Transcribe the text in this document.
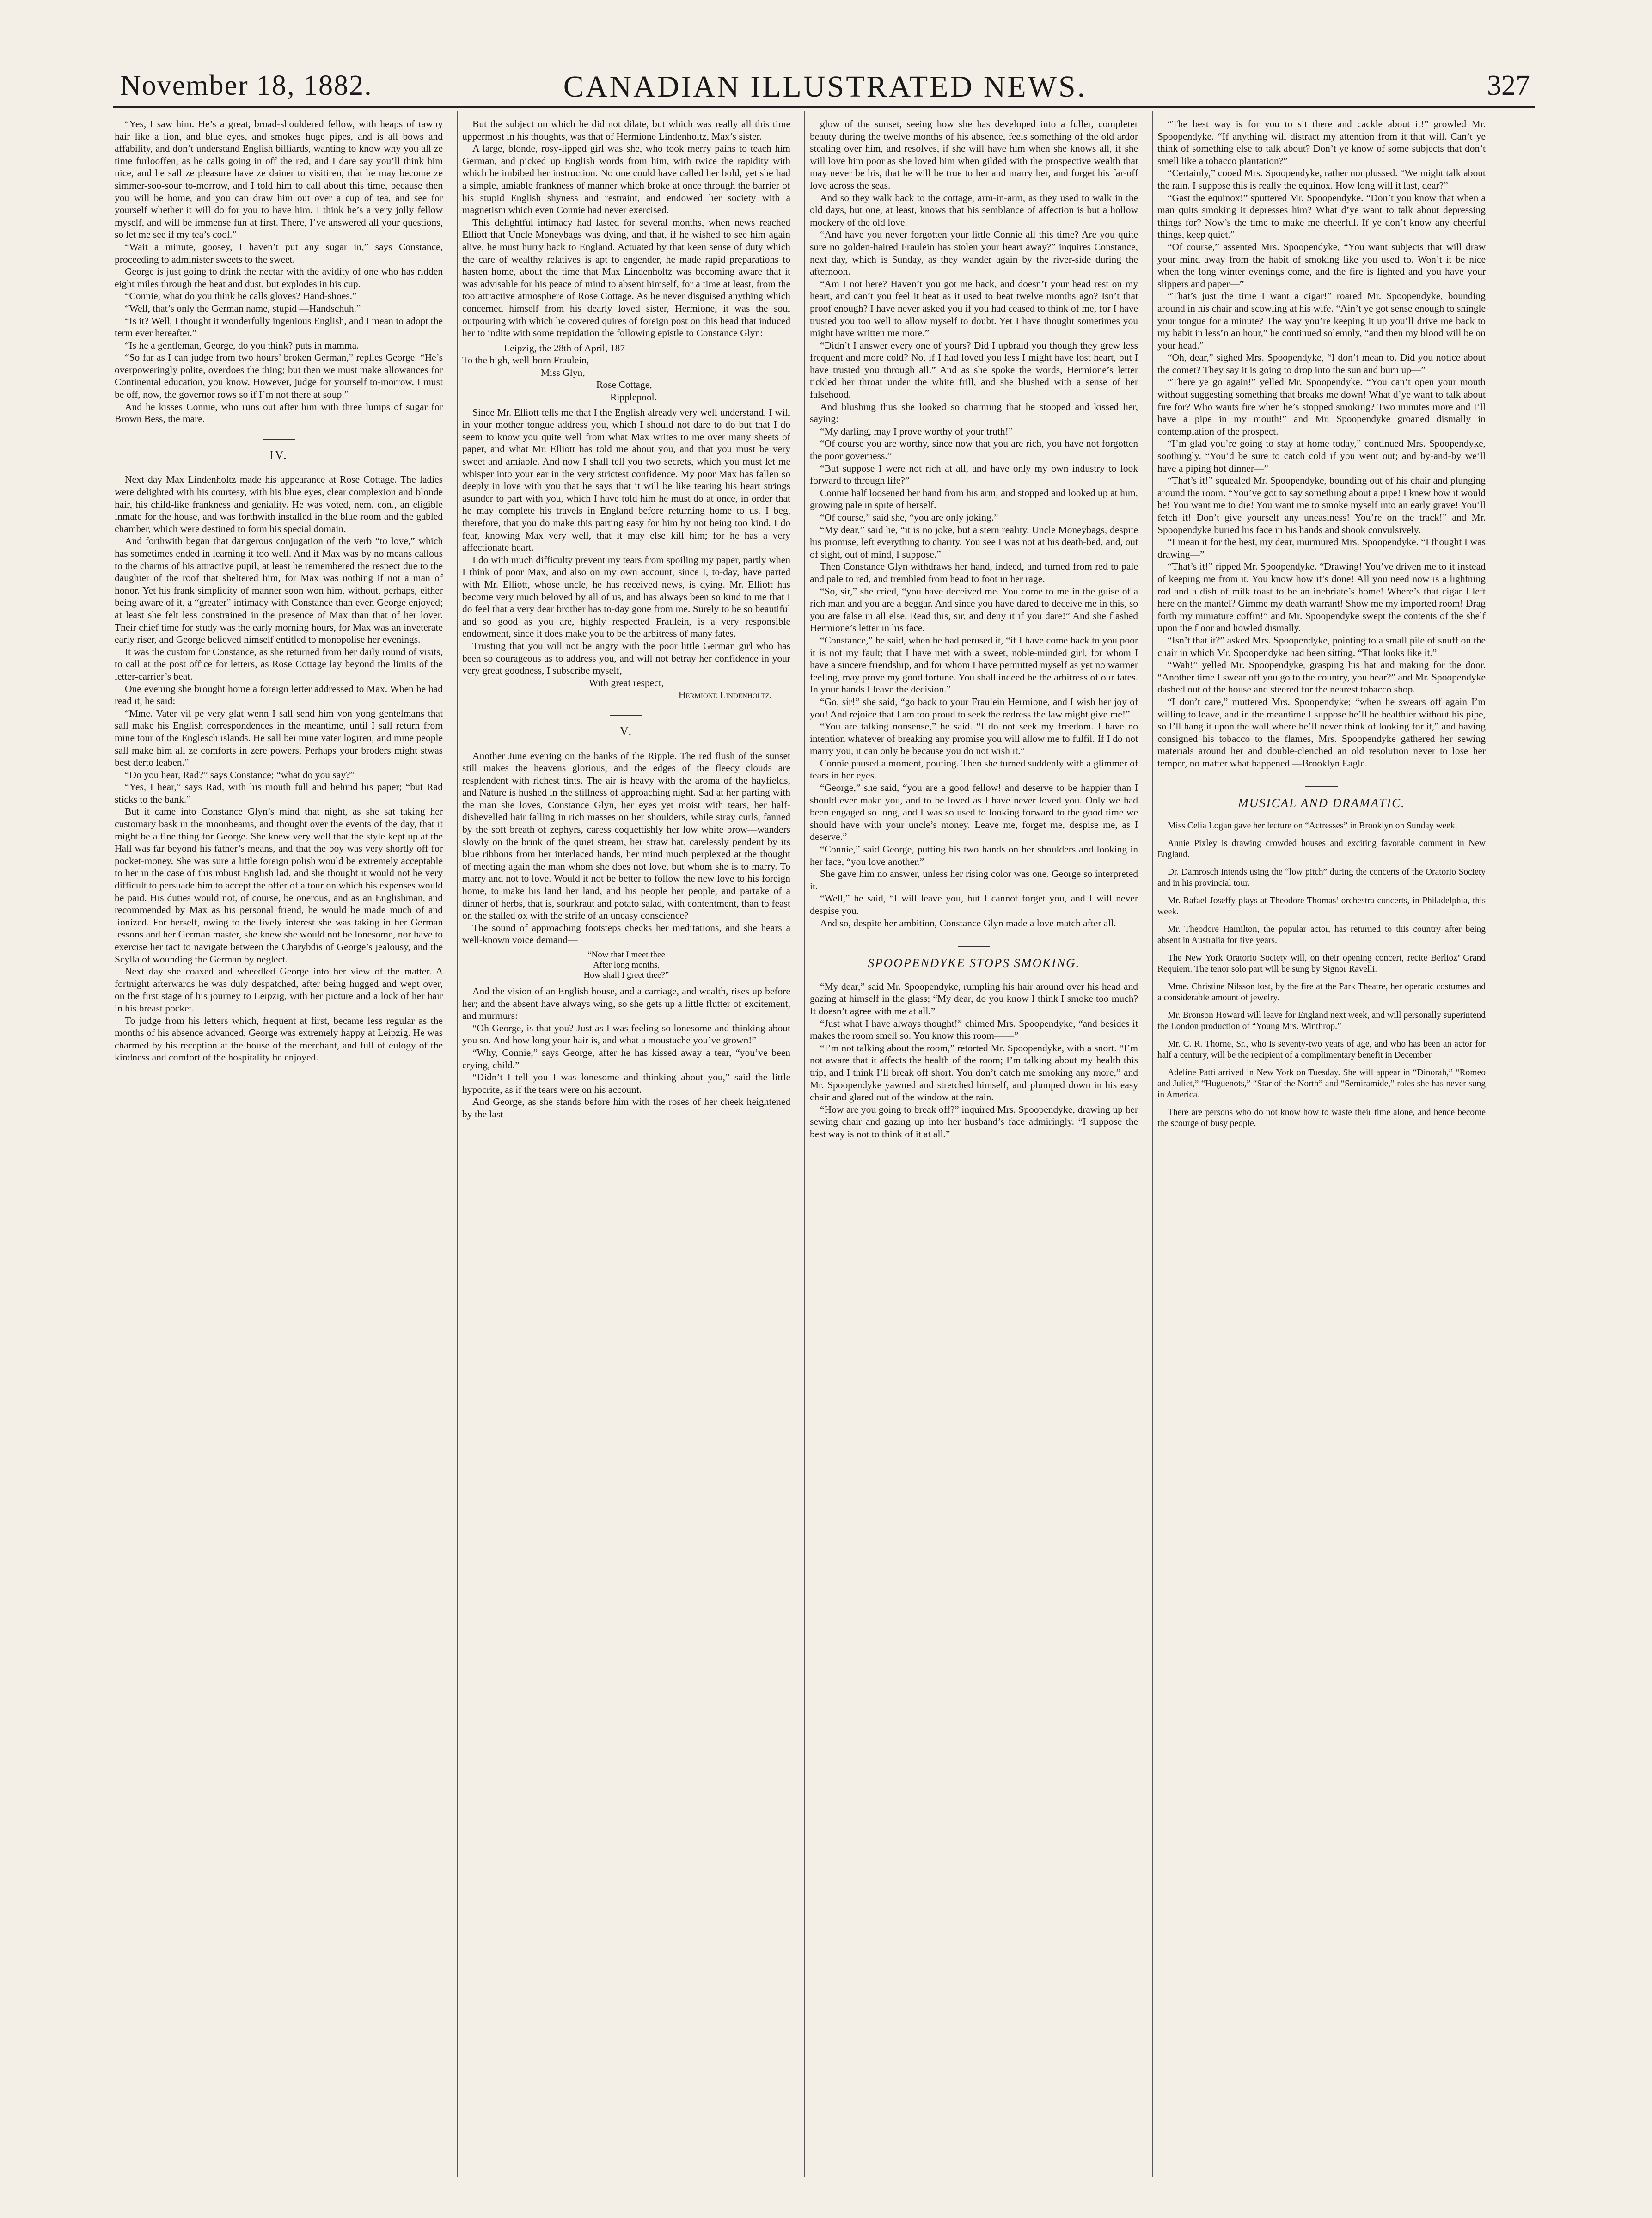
November 18, 1882.	CANADIAN ILLUSTRATED NEWS.	327

“Yes, I saw him. He’s a great, broad-shouldered fellow, with heaps of tawny hair like a lion, and blue eyes, and smokes huge pipes, and is all bows and affability, and don’t understand English billiards, wanting to know why you all ze time furlooffen, as he calls going in off the red, and I dare say you’ll think him nice, and he sall ze pleasure have ze dainer to visitiren, that he may become ze simmer-soo-sour to-morrow, and I told him to call about this time, because then you will be home, and you can draw him out over a cup of tea, and see for yourself whether it will do for you to have him. I think he’s a very jolly fellow myself, and will be immense fun at first. There, I’ve answered all your questions, so let me see if my tea’s cool.”

“Wait a minute, goosey, I haven’t put any sugar in,” says Constance, proceeding to administer sweets to the sweet.

George is just going to drink the nectar with the avidity of one who has ridden eight miles through the heat and dust, but explodes in his cup.

“Connie, what do you think he calls gloves? Hand-shoes.”

“Well, that’s only the German name, stupid —Handschuh.”

“Is it? Well, I thought it wonderfully ingenious English, and I mean to adopt the term ever hereafter.”

“Is he a gentleman, George, do you think? puts in mamma.

“So far as I can judge from two hours’ broken German,” replies George. “He’s overpoweringly polite, overdoes the thing; but then we must make allowances for Continental education, you know. However, judge for yourself to-morrow. I must be off, now, the governor rows so if I’m not there at soup.”

And he kisses Connie, who runs out after him with three lumps of sugar for Brown Bess, the mare.

IV.

Next day Max Lindenholtz made his appearance at Rose Cottage. The ladies were delighted with his courtesy, with his blue eyes, clear complexion and blonde hair, his child-like frankness and geniality. He was voted, nem. con., an eligible inmate for the house, and was forthwith installed in the blue room and the gabled chamber, which were destined to form his special domain.

And forthwith began that dangerous conjugation of the verb “to love,” which has sometimes ended in learning it too well. And if Max was by no means callous to the charms of his attractive pupil, at least he remembered the respect due to the daughter of the roof that sheltered him, for Max was nothing if not a man of honor. Yet his frank simplicity of manner soon won him, without, perhaps, either being aware of it, a “greater” intimacy with Constance than even George enjoyed; at least she felt less constrained in the presence of Max than that of her lover. Their chief time for study was the early morning hours, for Max was an inveterate early riser, and George believed himself entitled to monopolise her evenings.

It was the custom for Constance, as she returned from her daily round of visits, to call at the post office for letters, as Rose Cottage lay beyond the limits of the letter-carrier’s beat.

One evening she brought home a foreign letter addressed to Max. When he had read it, he said:

“Mme. Vater vil pe very glat wenn I sall send him von yong gentelmans that sall make his English correspondences in the meantime, until I sall return from mine tour of the Englesch islands. He sall bei mine vater logiren, and mine people sall make him all ze comforts in zere powers, Perhaps your broders might stwas best derto leaben.”

“Do you hear, Rad?” says Constance; “what do you say?”

“Yes, I hear,” says Rad, with his mouth full and behind his paper; “but Rad sticks to the bank.”

But it came into Constance Glyn’s mind that night, as she sat taking her customary bask in the moonbeams, and thought over the events of the day, that it might be a fine thing for George. She knew very well that the style kept up at the Hall was far beyond his father’s means, and that the boy was very shortly off for pocket-money. She was sure a little foreign polish would be extremely acceptable to her in the case of this robust English lad, and she thought it would not be very difficult to persuade him to accept the offer of a tour on which his expenses would be paid. His duties would not, of course, be onerous, and as an Englishman, and recommended by Max as his personal friend, he would be made much of and lionized. For herself, owing to the lively interest she was taking in her German lessons and her German master, she knew she would not be lonesome, nor have to exercise her tact to navigate between the Charybdis of George’s jealousy, and the Scylla of wounding the German by neglect.

Next day she coaxed and wheedled George into her view of the matter. A fortnight afterwards he was duly despatched, after being hugged and wept over, on the first stage of his journey to Leipzig, with her picture and a lock of her hair in his breast pocket.

To judge from his letters which, frequent at first, became less regular as the months of his absence advanced, George was extremely happy at Leipzig. He was charmed by his reception at the house of the merchant, and full of eulogy of the kindness and comfort of the hospitality he enjoyed.

But the subject on which he did not dilate, but which was really all this time uppermost in his thoughts, was that of Hermione Lindenholtz, Max’s sister.

A large, blonde, rosy-lipped girl was she, who took merry pains to teach him German, and picked up English words from him, with twice the rapidity with which he imbibed her instruction. No one could have called her bold, yet she had a simple, amiable frankness of manner which broke at once through the barrier of his stupid English shyness and restraint, and endowed her society with a magnetism which even Connie had never exercised.

This delightful intimacy had lasted for several months, when news reached Elliott that Uncle Moneybags was dying, and that, if he wished to see him again alive, he must hurry back to England. Actuated by that keen sense of duty which the care of wealthy relatives is apt to engender, he made rapid preparations to hasten home, about the time that Max Lindenholtz was becoming aware that it was advisable for his peace of mind to absent himself, for a time at least, from the too attractive atmosphere of Rose Cottage. As he never disguised anything which concerned himself from his dearly loved sister, Hermione, it was the soul outpouring with which he covered quires of foreign post on this head that induced her to indite with some trepidation the following epistle to Constance Glyn:

Leipzig, the 28th of April, 187—

To the high, well-born Fraulein,

Miss Glyn,

Rose Cottage,

Ripplepool.

Since Mr. Elliott tells me that I the English already very well understand, I will in your mother tongue address you, which I should not dare to do but that I do seem to know you quite well from what Max writes to me over many sheets of paper, and what Mr. Elliott has told me about you, and that you must be very sweet and amiable. And now I shall tell you two secrets, which you must let me whisper into your ear in the very strictest confidence. My poor Max has fallen so deeply in love with you that he says that it will be like tearing his heart strings asunder to part with you, which I have told him he must do at once, in order that he may complete his travels in England before returning home to us. I beg, therefore, that you do make this parting easy for him by not being too kind. I do fear, knowing Max very well, that it may else kill him; for he has a very affectionate heart.

I do with much difficulty prevent my tears from spoiling my paper, partly when I think of poor Max, and also on my own account, since I, to-day, have parted with Mr. Elliott, whose uncle, he has received news, is dying. Mr. Elliott has become very much beloved by all of us, and has always been so kind to me that I do feel that a very dear brother has to-day gone from me. Surely to be so beautiful and so good as you are, highly respected Fraulein, is a very responsible endowment, since it does make you to be the arbitress of many fates.

Trusting that you will not be angry with the poor little German girl who has been so courageous as to address you, and will not betray her confidence in your very great goodness, I subscribe myself,

With great respect,

Hermione Lindenholtz.

V.

Another June evening on the banks of the Ripple. The red flush of the sunset still makes the heavens glorious, and the edges of the fleecy clouds are resplendent with richest tints. The air is heavy with the aroma of the hayfields, and Nature is hushed in the stillness of approaching night. Sad at her parting with the man she loves, Constance Glyn, her eyes yet moist with tears, her half-dishevelled hair falling in rich masses on her shoulders, while stray curls, fanned by the soft breath of zephyrs, caress coquettishly her low white brow—wanders slowly on the brink of the quiet stream, her straw hat, carelessly pendent by its blue ribbons from her interlaced hands, her mind much perplexed at the thought of meeting again the man whom she does not love, but whom she is to marry. To marry and not to love. Would it not be better to follow the new love to his foreign home, to make his land her land, and his people her people, and partake of a dinner of herbs, that is, sourkraut and potato salad, with contentment, than to feast on the stalled ox with the strife of an uneasy conscience?

The sound of approaching footsteps checks her meditations, and she hears a well-known voice demand—

“Now that I meet thee

After long months,

How shall I greet thee?”

And the vision of an English house, and a carriage, and wealth, rises up before her; and the absent have always wing, so she gets up a little flutter of excitement, and murmurs:

“Oh George, is that you? Just as I was feeling so lonesome and thinking about you so. And how long your hair is, and what a moustache you’ve grown!”

“Why, Connie,” says George, after he has kissed away a tear, “you’ve been crying, child.”

“Didn’t I tell you I was lonesome and thinking about you,” said the little hypocrite, as if the tears were on his account.

And George, as she stands before him with the roses of her cheek heightened by the last

glow of the sunset, seeing how she has developed into a fuller, completer beauty during the twelve months of his absence, feels something of the old ardor stealing over him, and resolves, if she will have him when she knows all, if she will love him poor as she loved him when gilded with the prospective wealth that may never be his, that he will be true to her and marry her, and forget his far-off love across the seas.

And so they walk back to the cottage, arm-in-arm, as they used to walk in the old days, but one, at least, knows that his semblance of affection is but a hollow mockery of the old love.

“And have you never forgotten your little Connie all this time? Are you quite sure no golden-haired Fraulein has stolen your heart away?” inquires Constance, next day, which is Sunday, as they wander again by the river-side during the afternoon.

“Am I not here? Haven’t you got me back, and doesn’t your head rest on my heart, and can’t you feel it beat as it used to beat twelve months ago? Isn’t that proof enough? I have never asked you if you had ceased to think of me, for I have trusted you too well to allow myself to doubt. Yet I have thought sometimes you might have written me more.”

“Didn’t I answer every one of yours? Did I upbraid you though they grew less frequent and more cold? No, if I had loved you less I might have lost heart, but I have trusted you through all.” And as she spoke the words, Hermione’s letter tickled her throat under the white frill, and she blushed with a sense of her falsehood.

And blushing thus she looked so charming that he stooped and kissed her, saying:

“My darling, may I prove worthy of your truth!”

“Of course you are worthy, since now that you are rich, you have not forgotten the poor governess.”

“But suppose I were not rich at all, and have only my own industry to look forward to through life?”

Connie half loosened her hand from his arm, and stopped and looked up at him, growing pale in spite of herself.

“Of course,” said she, “you are only joking.”

“My dear,” said he, “it is no joke, but a stern reality. Uncle Moneybags, despite his promise, left everything to charity. You see I was not at his death-bed, and, out of sight, out of mind, I suppose.”

Then Constance Glyn withdraws her hand, indeed, and turned from red to pale and pale to red, and trembled from head to foot in her rage.

“So, sir,” she cried, “you have deceived me. You come to me in the guise of a rich man and you are a beggar. And since you have dared to deceive me in this, so you are false in all else. Read this, sir, and deny it if you dare!” And she flashed Hermione’s letter in his face.

“Constance,” he said, when he had perused it, “if I have come back to you poor it is not my fault; that I have met with a sweet, noble-minded girl, for whom I have a sincere friendship, and for whom I have permitted myself as yet no warmer feeling, may prove my good fortune. You shall indeed be the arbitress of our fates. In your hands I leave the decision.”

“Go, sir!” she said, “go back to your Fraulein Hermione, and I wish her joy of you! And rejoice that I am too proud to seek the redress the law might give me!”

“You are talking nonsense,” he said. “I do not seek my freedom. I have no intention whatever of breaking any promise you will allow me to fulfil. If I do not marry you, it can only be because you do not wish it.”

Connie paused a moment, pouting. Then she turned suddenly with a glimmer of tears in her eyes.

“George,” she said, “you are a good fellow! and deserve to be happier than I should ever make you, and to be loved as I have never loved you. Only we had been engaged so long, and I was so used to looking forward to the good time we should have with your uncle’s money. Leave me, forget me, despise me, as I deserve.”

“Connie,” said George, putting his two hands on her shoulders and looking in her face, “you love another.”

She gave him no answer, unless her rising color was one. George so interpreted it.

“Well,” he said, “I will leave you, but I cannot forget you, and I will never despise you.

And so, despite her ambition, Constance Glyn made a love match after all.

SPOOPENDYKE STOPS SMOKING.

“My dear,” said Mr. Spoopendyke, rumpling his hair around over his head and gazing at himself in the glass; “My dear, do you know I think I smoke too much? It doesn’t agree with me at all.”

“Just what I have always thought!” chimed Mrs. Spoopendyke, “and besides it makes the room smell so. You know this room——”

“I’m not talking about the room,” retorted Mr. Spoopendyke, with a snort. “I’m not aware that it affects the health of the room; I’m talking about my health this trip, and I think I’ll break off short. You don’t catch me smoking any more,” and Mr. Spoopendyke yawned and stretched himself, and plumped down in his easy chair and glared out of the window at the rain.

“How are you going to break off?” inquired Mrs. Spoopendyke, drawing up her sewing chair and gazing up into her husband’s face admiringly. “I suppose the best way is not to think of it at all.”

“The best way is for you to sit there and cackle about it!” growled Mr. Spoopendyke. “If anything will distract my attention from it that will. Can’t ye think of something else to talk about? Don’t ye know of some subjects that don’t smell like a tobacco plantation?”

“Certainly,” cooed Mrs. Spoopendyke, rather nonplussed. “We might talk about the rain. I suppose this is really the equinox. How long will it last, dear?”

“Gast the equinox!” sputtered Mr. Spoopendyke. “Don’t you know that when a man quits smoking it depresses him? What d’ye want to talk about depressing things for? Now’s the time to make me cheerful. If ye don’t know any cheerful things, keep quiet.”

“Of course,” assented Mrs. Spoopendyke, “You want subjects that will draw your mind away from the habit of smoking like you used to. Won’t it be nice when the long winter evenings come, and the fire is lighted and you have your slippers and paper—”

“That’s just the time I want a cigar!” roared Mr. Spoopendyke, bounding around in his chair and scowling at his wife. “Ain’t ye got sense enough to shingle your tongue for a minute? The way you’re keeping it up you’ll drive me back to my habit in less’n an hour,” he continued solemnly, “and then my blood will be on your head.”

“Oh, dear,” sighed Mrs. Spoopendyke, “I don’t mean to. Did you notice about the comet? They say it is going to drop into the sun and burn up—”

“There ye go again!” yelled Mr. Spoopendyke. “You can’t open your mouth without suggesting something that breaks me down! What d’ye want to talk about fire for? Who wants fire when he’s stopped smoking? Two minutes more and I’ll have a pipe in my mouth!” and Mr. Spoopendyke groaned dismally in contemplation of the prospect.

“I’m glad you’re going to stay at home today,” continued Mrs. Spoopendyke, soothingly. “You’d be sure to catch cold if you went out; and by-and-by we’ll have a piping hot dinner—”

“That’s it!” squealed Mr. Spoopendyke, bounding out of his chair and plunging around the room. “You’ve got to say something about a pipe! I knew how it would be! You want me to die! You want me to smoke myself into an early grave! You’ll fetch it! Don’t give yourself any uneasiness! You’re on the track!” and Mr. Spoopendyke buried his face in his hands and shook convulsively.

“I mean it for the best, my dear, murmured Mrs. Spoopendyke. “I thought I was drawing—”

“That’s it!” ripped Mr. Spoopendyke. “Drawing! You’ve driven me to it instead of keeping me from it. You know how it’s done! All you need now is a lightning rod and a dish of milk toast to be an inebriate’s home! Where’s that cigar I left here on the mantel? Gimme my death warrant! Show me my imported room! Drag forth my miniature coffin!” and Mr. Spoopendyke swept the contents of the shelf upon the floor and howled dismally.

“Isn’t that it?” asked Mrs. Spoopendyke, pointing to a small pile of snuff on the chair in which Mr. Spoopendyke had been sitting. “That looks like it.”

“Wah!” yelled Mr. Spoopendyke, grasping his hat and making for the door. “Another time I swear off you go to the country, you hear?” and Mr. Spoopendyke dashed out of the house and steered for the nearest tobacco shop.

“I don’t care,” muttered Mrs. Spoopendyke; “when he swears off again I’m willing to leave, and in the meantime I suppose he’ll be healthier without his pipe, so I’ll hang it upon the wall where he’ll never think of looking for it,” and having consigned his tobacco to the flames, Mrs. Spoopendyke gathered her sewing materials around her and double-clenched an old resolution never to lose her temper, no matter what happened.—Brooklyn Eagle.

MUSICAL AND DRAMATIC.

Miss Celia Logan gave her lecture on “Actresses” in Brooklyn on Sunday week.

Annie Pixley is drawing crowded houses and exciting favorable comment in New England.

Dr. Damrosch intends using the “low pitch” during the concerts of the Oratorio Society and in his provincial tour.

Mr. Rafael Joseffy plays at Theodore Thomas’ orchestra concerts, in Philadelphia, this week.

Mr. Theodore Hamilton, the popular actor, has returned to this country after being absent in Australia for five years.

The New York Oratorio Society will, on their opening concert, recite Berlioz’ Grand Requiem. The tenor solo part will be sung by Signor Ravelli.

Mme. Christine Nilsson lost, by the fire at the Park Theatre, her operatic costumes and a considerable amount of jewelry.

Mr. Bronson Howard will leave for England next week, and will personally superintend the London production of “Young Mrs. Winthrop.”

Mr. C. R. Thorne, Sr., who is seventy-two years of age, and who has been an actor for half a century, will be the recipient of a complimentary benefit in December.

Adeline Patti arrived in New York on Tuesday. She will appear in “Dinorah,” “Romeo and Juliet,” “Huguenots,” “Star of the North” and “Semiramide,” roles she has never sung in America.

There are persons who do not know how to waste their time alone, and hence become the scourge of busy people.
